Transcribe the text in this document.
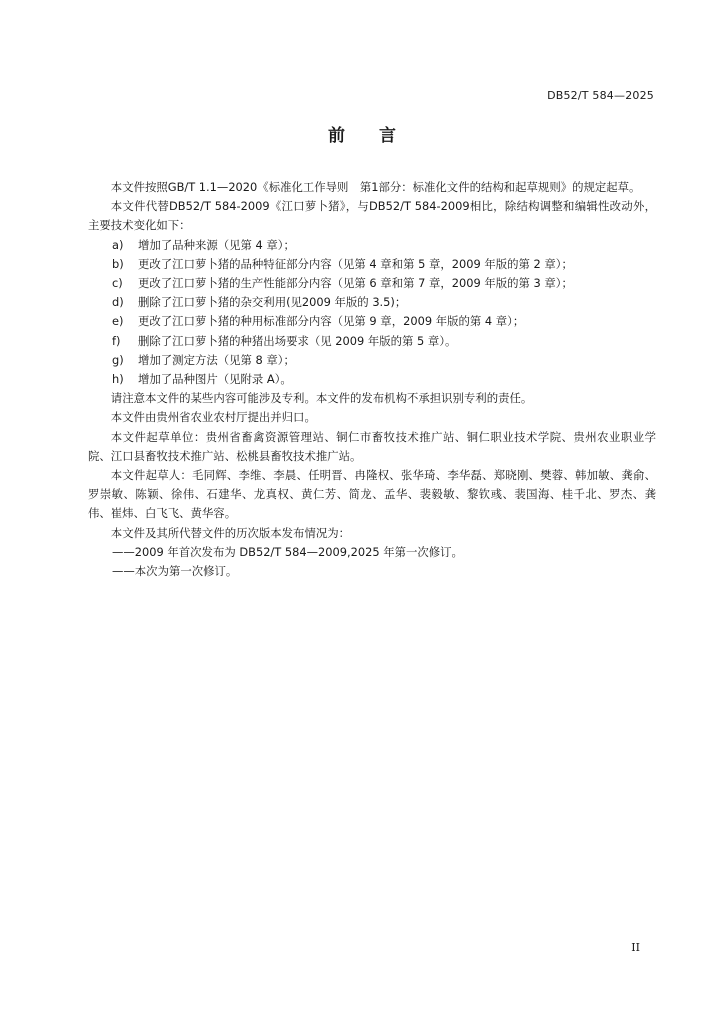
DB52/T 584—2025
前 言

本文件按照GB/T 1.1—2020《标准化工作导则　第1部分：标准化文件的结构和起草规则》的规定起草。

本文件代替DB52/T 584-2009《江口萝卜猪》，与DB52/T 584-2009相比，除结构调整和编辑性改动外，主要技术变化如下：

a) 增加了品种来源（见第 4 章）；

b) 更改了江口萝卜猪的品种特征部分内容（见第 4 章和第 5 章，2009 年版的第 2 章）；

c) 更改了江口萝卜猪的生产性能部分内容（见第 6 章和第 7 章，2009 年版的第 3 章）；

d) 删除了江口萝卜猪的杂交利用(见2009 年版的 3.5)；

e) 更改了江口萝卜猪的种用标准部分内容（见第 9 章，2009 年版的第 4 章）；

f) 删除了江口萝卜猪的种猪出场要求（见 2009 年版的第 5 章）。

g) 增加了测定方法（见第 8 章）；

h) 增加了品种图片（见附录 A）。

请注意本文件的某些内容可能涉及专利。本文件的发布机构不承担识别专利的责任。

本文件由贵州省农业农村厅提出并归口。

本文件起草单位：贵州省畜禽资源管理站、铜仁市畜牧技术推广站、铜仁职业技术学院、贵州农业职业学院、江口县畜牧技术推广站、松桃县畜牧技术推广站。

本文件起草人：毛同辉、李维、李晨、任明晋、冉隆权、张华琦、李华磊、郑晓刚、樊蓉、韩加敏、龚俞、罗崇敏、陈颖、徐伟、石建华、龙真权、黄仁芳、简龙、孟华、裴毅敏、黎钦彧、裴国海、桂千北、罗杰、龚伟、崔炜、白飞飞、黄华容。

本文件及其所代替文件的历次版本发布情况为：

——2009 年首次发布为 DB52/T 584—2009,2025 年第一次修订。

——本次为第一次修订。

II
